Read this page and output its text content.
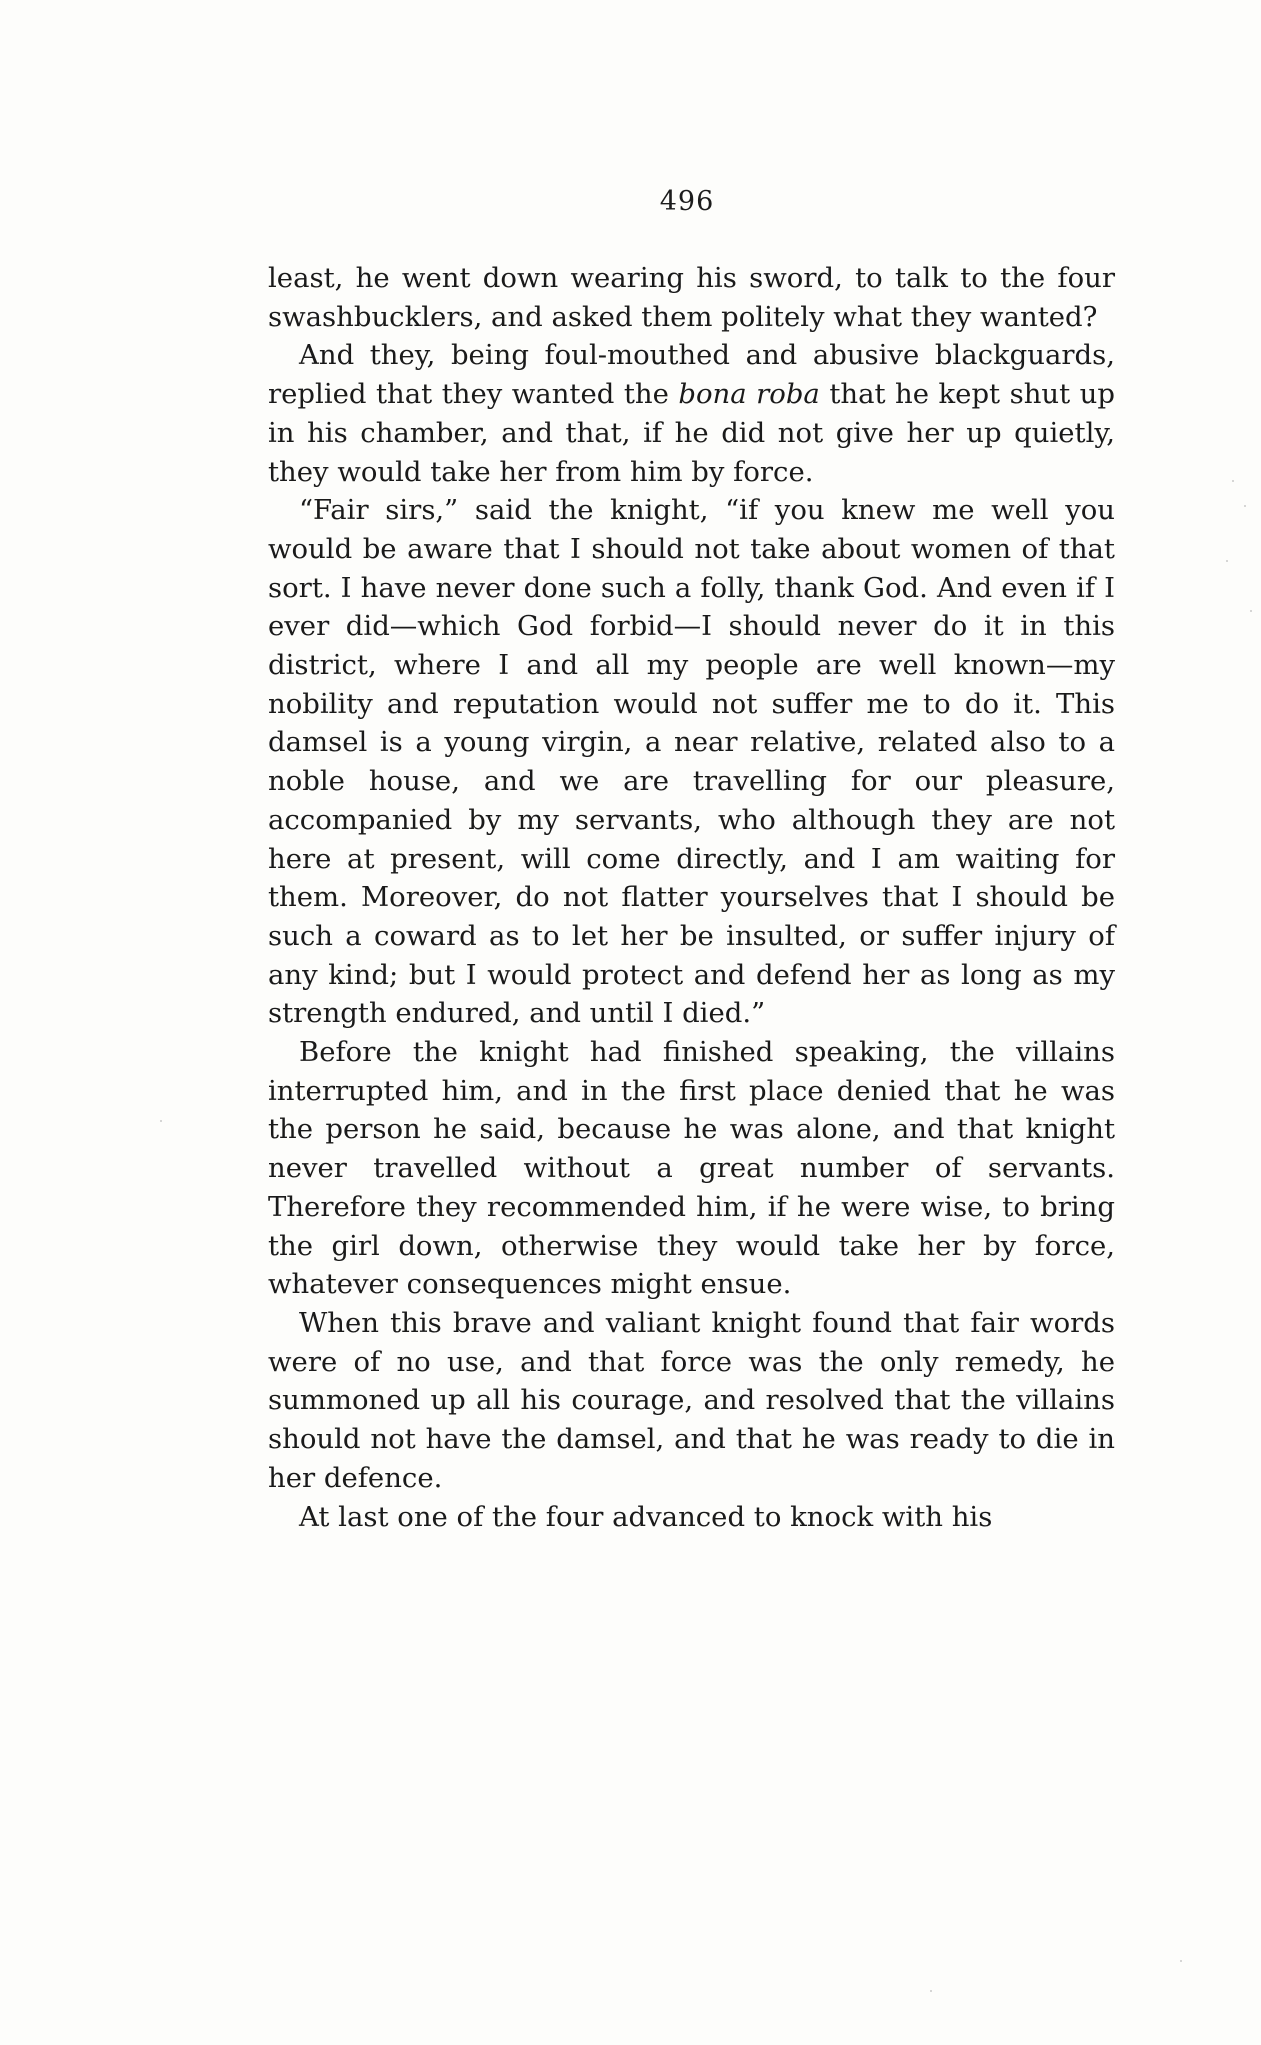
496

least, he went down wearing his sword, to talk to the four swashbucklers, and asked them politely what they wanted?

And they, being foul-mouthed and abusive blackguards, replied that they wanted the bona roba that he kept shut up in his chamber, and that, if he did not give her up quietly, they would take her from him by force.

“Fair sirs,” said the knight, “if you knew me well you would be aware that I should not take about women of that sort. I have never done such a folly, thank God. And even if I ever did—which God forbid—I should never do it in this district, where I and all my people are well known—my nobility and reputation would not suffer me to do it. This damsel is a young virgin, a near relative, related also to a noble house, and we are travelling for our pleasure, accompanied by my servants, who although they are not here at present, will come directly, and I am waiting for them. Moreover, do not flatter yourselves that I should be such a coward as to let her be insulted, or suffer injury of any kind; but I would protect and defend her as long as my strength endured, and until I died.”

Before the knight had finished speaking, the villains interrupted him, and in the first place denied that he was the person he said, because he was alone, and that knight never travelled without a great number of servants. Therefore they recommended him, if he were wise, to bring the girl down, otherwise they would take her by force, whatever consequences might ensue.

When this brave and valiant knight found that fair words were of no use, and that force was the only remedy, he summoned up all his courage, and resolved that the villains should not have the damsel, and that he was ready to die in her defence.

At last one of the four advanced to knock with his
